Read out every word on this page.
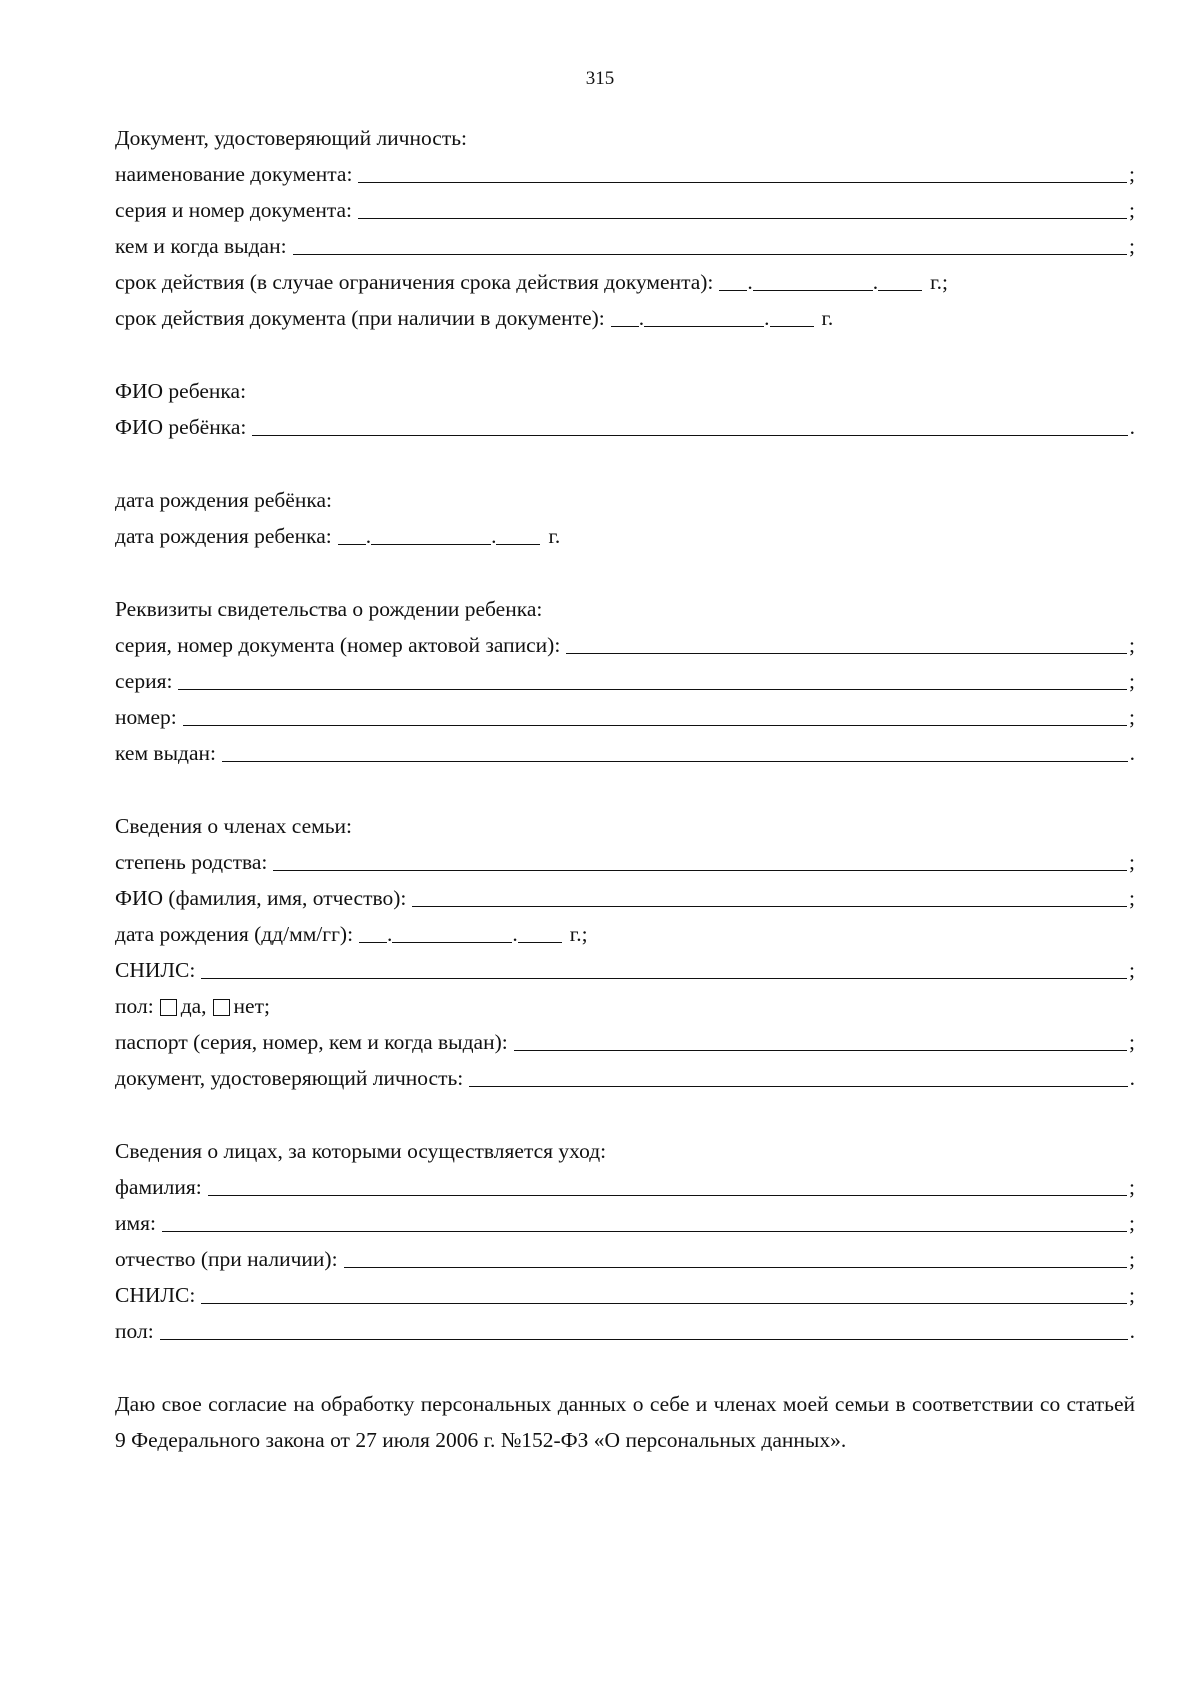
315
Документ, удостоверяющий личность:
наименование документа:	;
серия и номер документа:	;
кем и когда выдан:	;
срок действия (в случае ограничения срока действия документа): .	. г.;
срок действия документа (при наличии в документе): .	. г.
ФИО ребенка:
ФИО ребёнка:	.
дата рождения ребёнка:
дата рождения ребенка: .	. г.
Реквизиты свидетельства о рождении ребенка:
серия, номер документа (номер актовой записи):	;
серия:	;
номер:	;
кем выдан:	.
Сведения о членах семьи:
степень родства:	;
ФИО (фамилия, имя, отчество):	;
дата рождения (дд/мм/гг): .	. г.;
СНИЛС:	;
пол: да, нет;
паспорт (серия, номер, кем и когда выдан):	;
документ, удостоверяющий личность:	.
Сведения о лицах, за которыми осуществляется уход:
фамилия:	;
имя:	;
отчество (при наличии):	;
СНИЛС:	;
пол:	.
Даю свое согласие на обработку персональных данных о себе и членах моей семьи в соответствии со статьей 9 Федерального закона от 27 июля 2006 г. №152-ФЗ «О персональных данных».
